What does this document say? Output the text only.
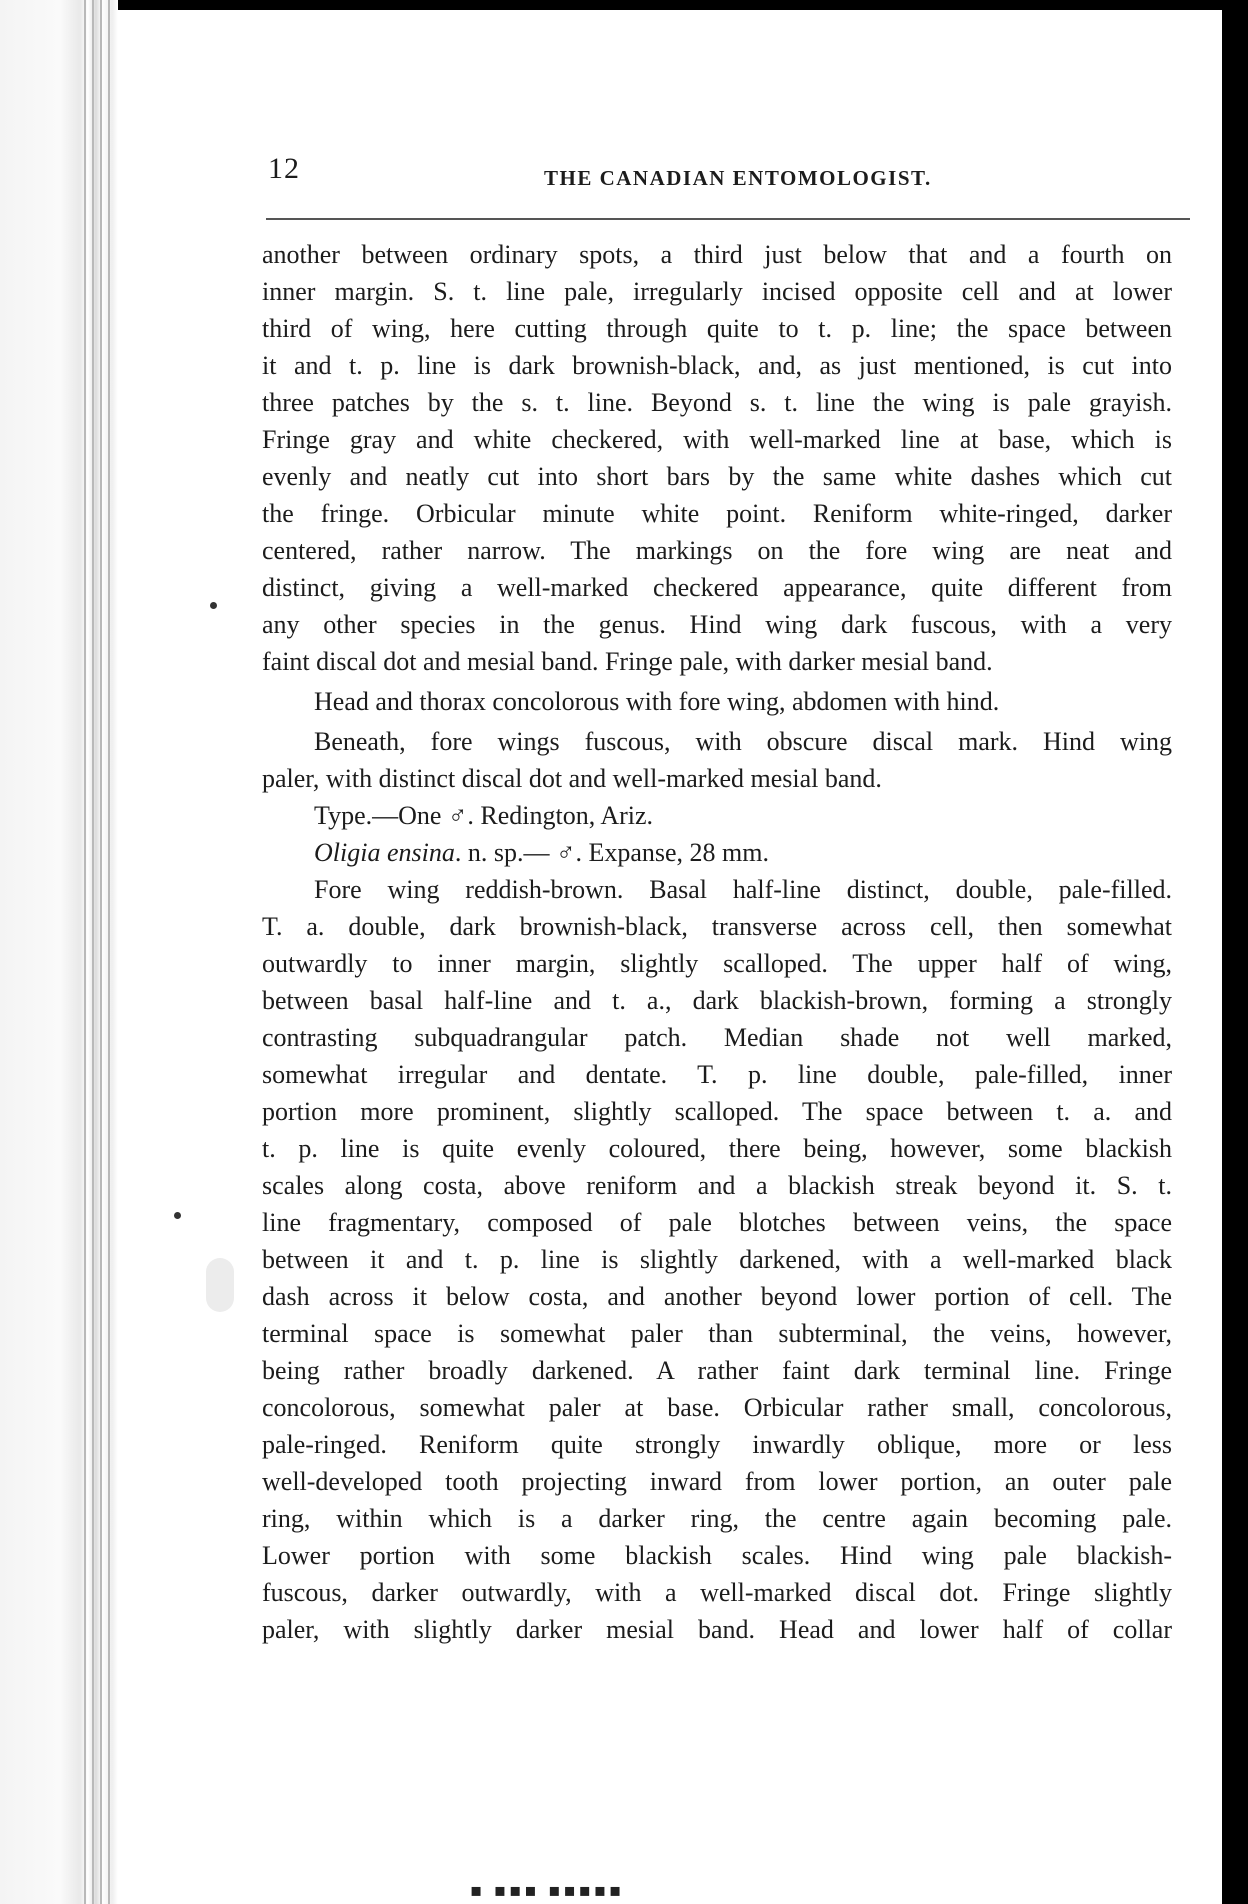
12	THE CANADIAN ENTOMOLOGIST.
another between ordinary spots, a third just below that and a fourth on
inner margin. S. t. line pale, irregularly incised opposite cell and at lower
third of wing, here cutting through quite to t. p. line; the space between
it and t. p. line is dark brownish-black, and, as just mentioned, is cut into
three patches by the s. t. line. Beyond s. t. line the wing is pale grayish.
Fringe gray and white checkered, with well-marked line at base, which is
evenly and neatly cut into short bars by the same white dashes which cut
the fringe. Orbicular minute white point. Reniform white-ringed, darker
centered, rather narrow. The markings on the fore wing are neat and
distinct, giving a well-marked checkered appearance, quite different from
any other species in the genus. Hind wing dark fuscous, with a very
faint discal dot and mesial band. Fringe pale, with darker mesial band.
Head and thorax concolorous with fore wing, abdomen with hind.
Beneath, fore wings fuscous, with obscure discal mark. Hind wing
paler, with distinct discal dot and well-marked mesial band.
Type.—One ♂. Redington, Ariz.
Oligia ensina. n. sp.— ♂. Expanse, 28 mm.
Fore wing reddish-brown. Basal half-line distinct, double, pale-filled.
T. a. double, dark brownish-black, transverse across cell, then somewhat
outwardly to inner margin, slightly scalloped. The upper half of wing,
between basal half-line and t. a., dark blackish-brown, forming a strongly
contrasting subquadrangular patch. Median shade not well marked,
somewhat irregular and dentate. T. p. line double, pale-filled, inner
portion more prominent, slightly scalloped. The space between t. a. and
t. p. line is quite evenly coloured, there being, however, some blackish
scales along costa, above reniform and a blackish streak beyond it. S. t.
line fragmentary, composed of pale blotches between veins, the space
between it and t. p. line is slightly darkened, with a well-marked black
dash across it below costa, and another beyond lower portion of cell. The
terminal space is somewhat paler than subterminal, the veins, however,
being rather broadly darkened. A rather faint dark terminal line. Fringe
concolorous, somewhat paler at base. Orbicular rather small, concolorous,
pale-ringed. Reniform quite strongly inwardly oblique, more or less
well-developed tooth projecting inward from lower portion, an outer pale
ring, within which is a darker ring, the centre again becoming pale.
Lower portion with some blackish scales. Hind wing pale blackish-
fuscous, darker outwardly, with a well-marked discal dot. Fringe slightly
paler, with slightly darker mesial band. Head and lower half of collar
▪ ▪▪▪ ▪▪▪▪▪
